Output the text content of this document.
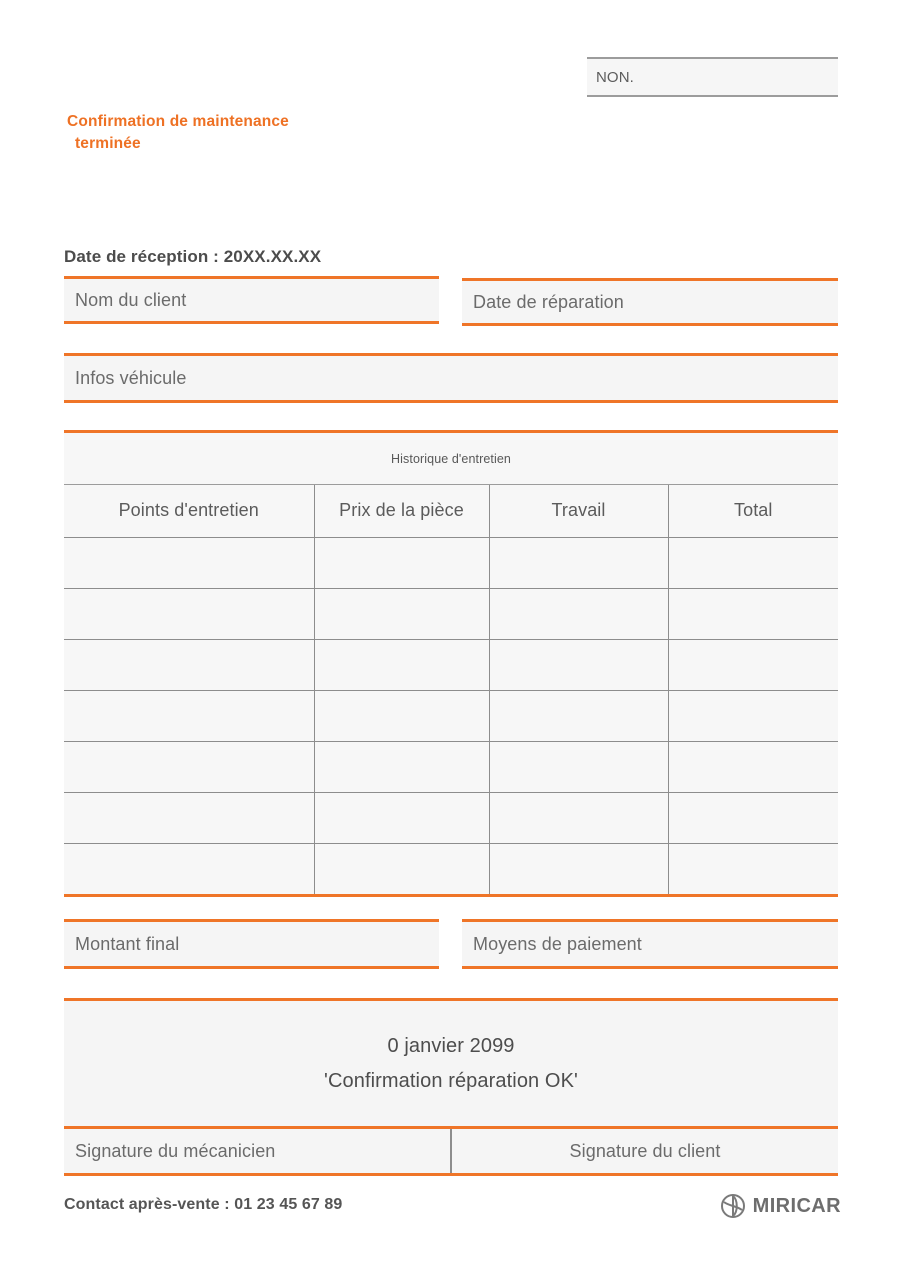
NON.
Confirmation de maintenance
terminée
Date de réception : 20XX.XX.XX
Nom du client	Date de réparation
Infos véhicule
Historique d'entretien
Points d'entretien	Prix de la pièce	Travail	Total

Montant final	Moyens de paiement
0 janvier 2099
'Confirmation réparation OK'
Signature du mécanicien	Signature du client
Contact après-vente : 01 23 45 67 89	MIRICAR
